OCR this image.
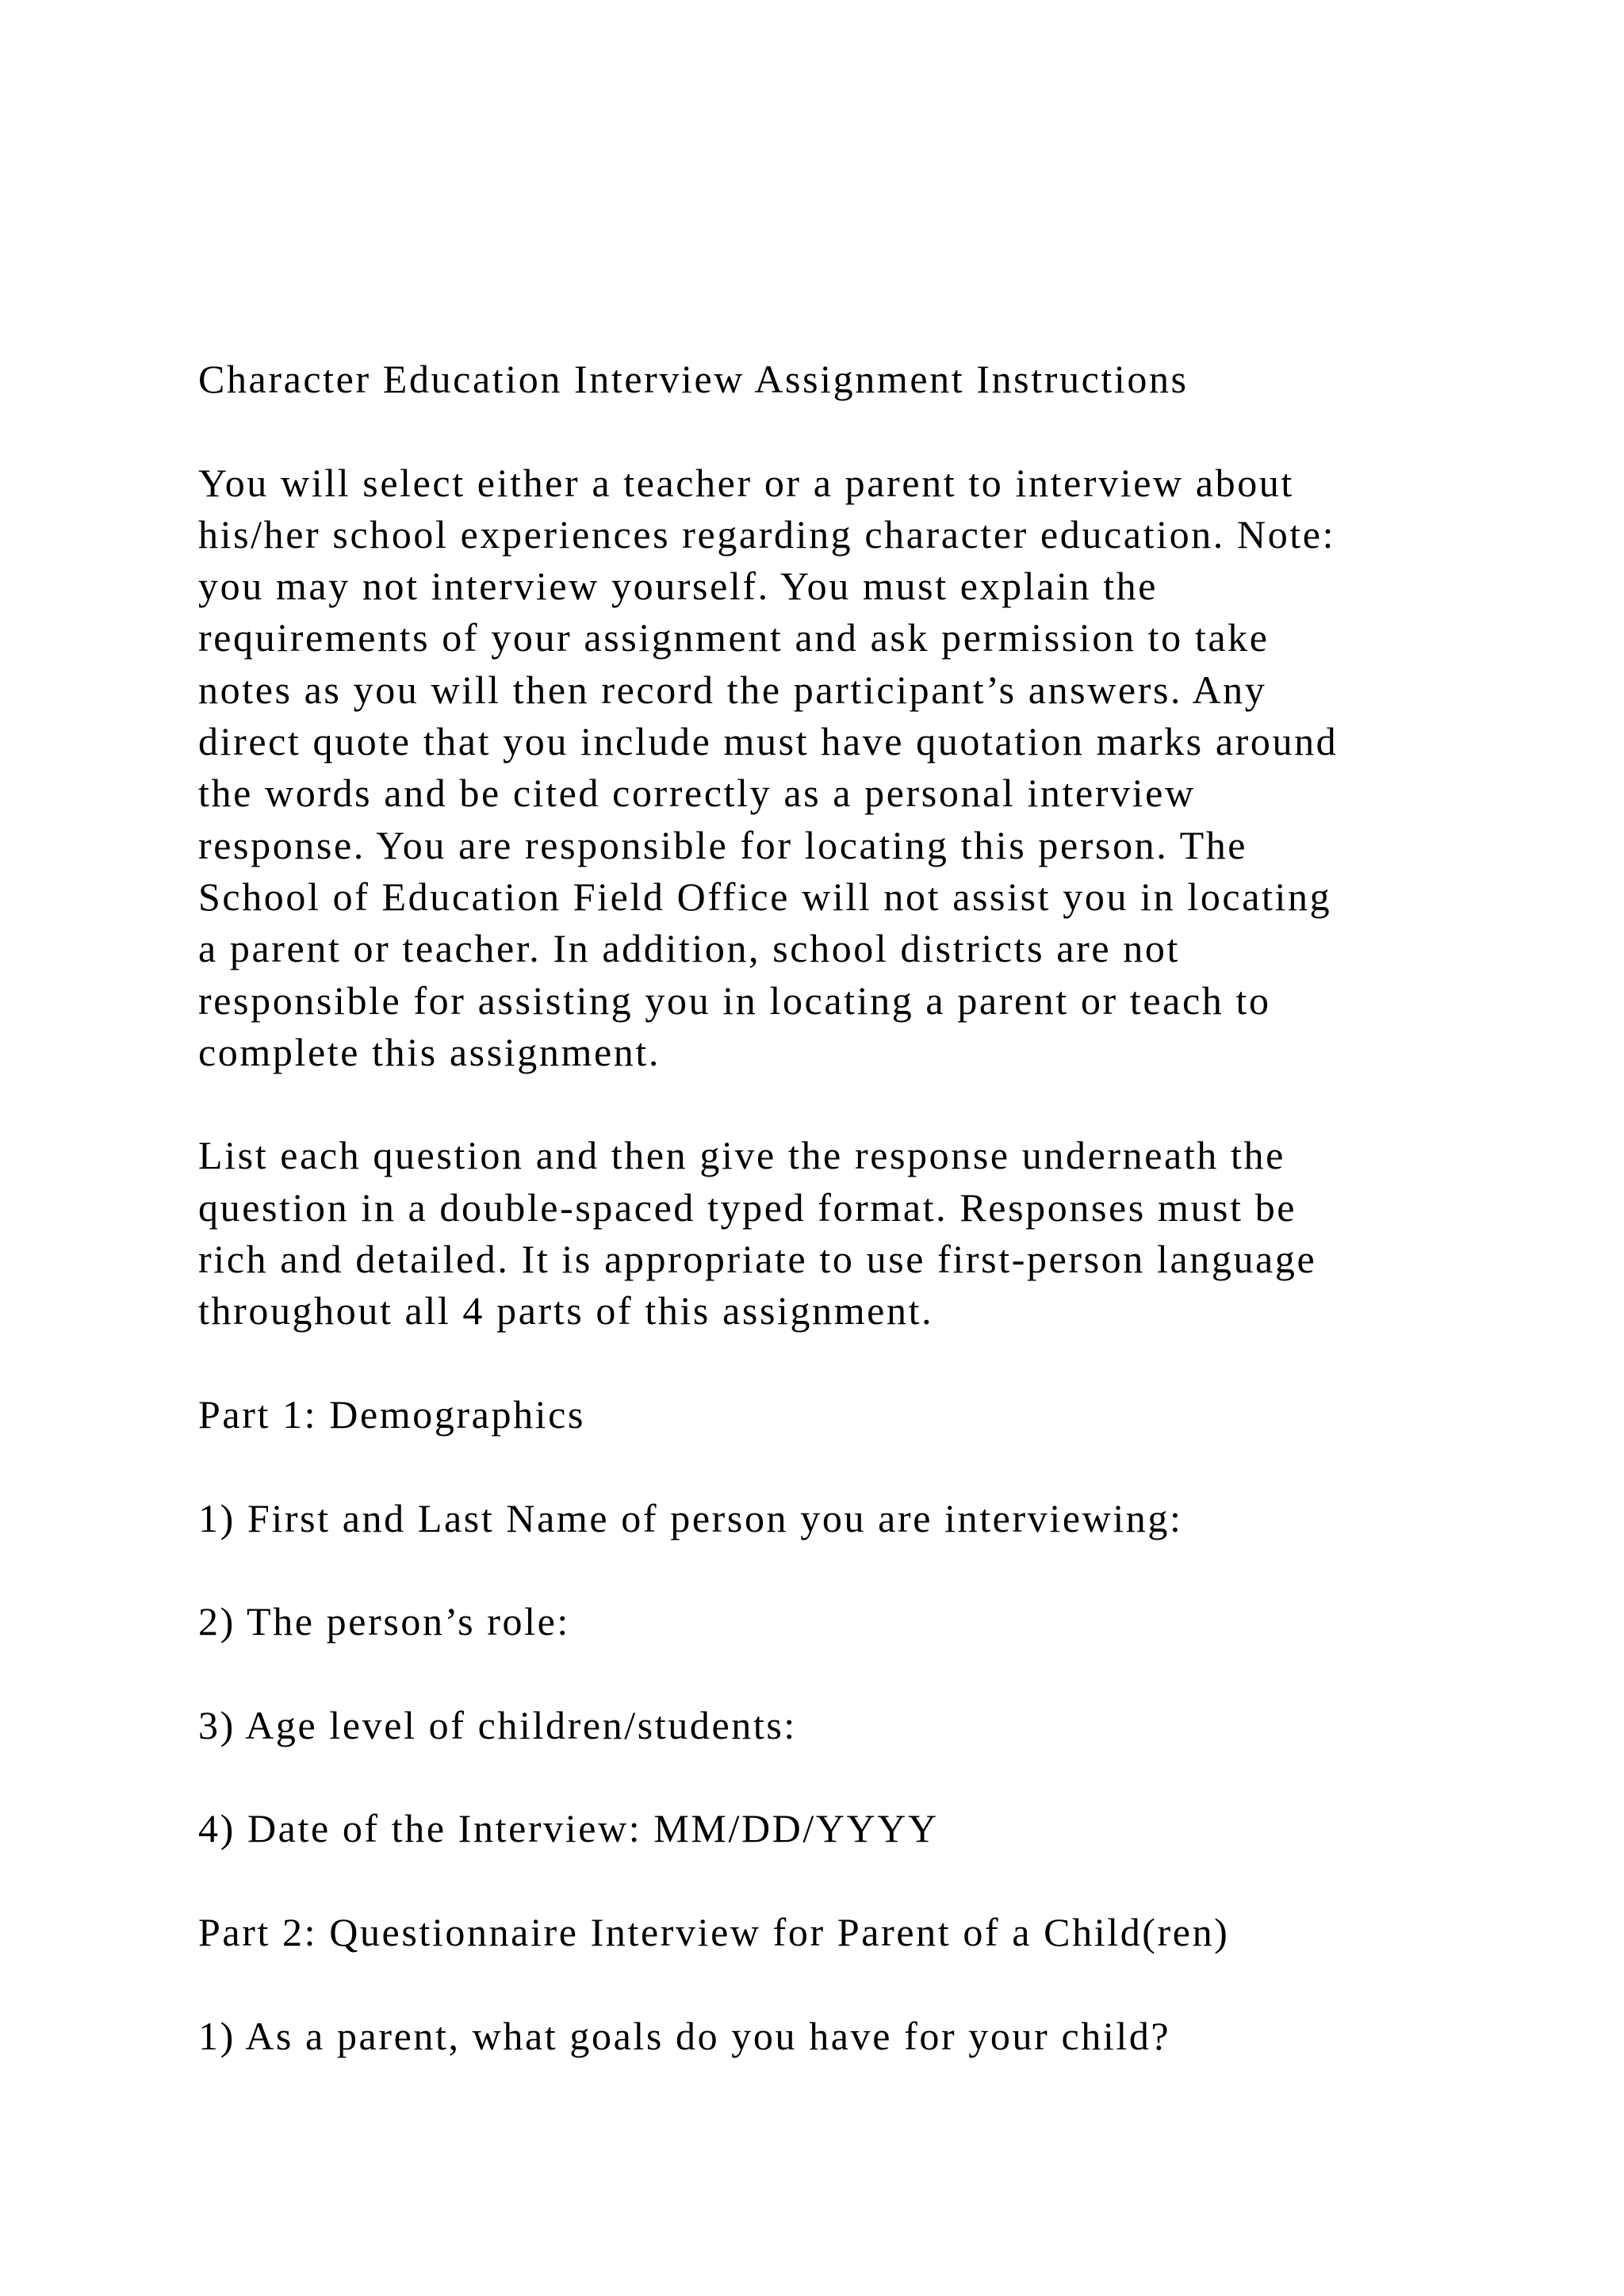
Character Education Interview Assignment Instructions
You will select either a teacher or a parent to interview about
his/her school experiences regarding character education. Note:
you may not interview yourself. You must explain the
requirements of your assignment and ask permission to take
notes as you will then record the participant’s answers. Any
direct quote that you include must have quotation marks around
the words and be cited correctly as a personal interview
response. You are responsible for locating this person. The
School of Education Field Office will not assist you in locating
a parent or teacher. In addition, school districts are not
responsible for assisting you in locating a parent or teach to
complete this assignment.
List each question and then give the response underneath the
question in a double-spaced typed format. Responses must be
rich and detailed. It is appropriate to use first-person language
throughout all 4 parts of this assignment.
Part 1: Demographics
1) First and Last Name of person you are interviewing:
2) The person’s role:
3) Age level of children/students:
4) Date of the Interview: MM/DD/YYYY
Part 2: Questionnaire Interview for Parent of a Child(ren)
1) As a parent, what goals do you have for your child?
